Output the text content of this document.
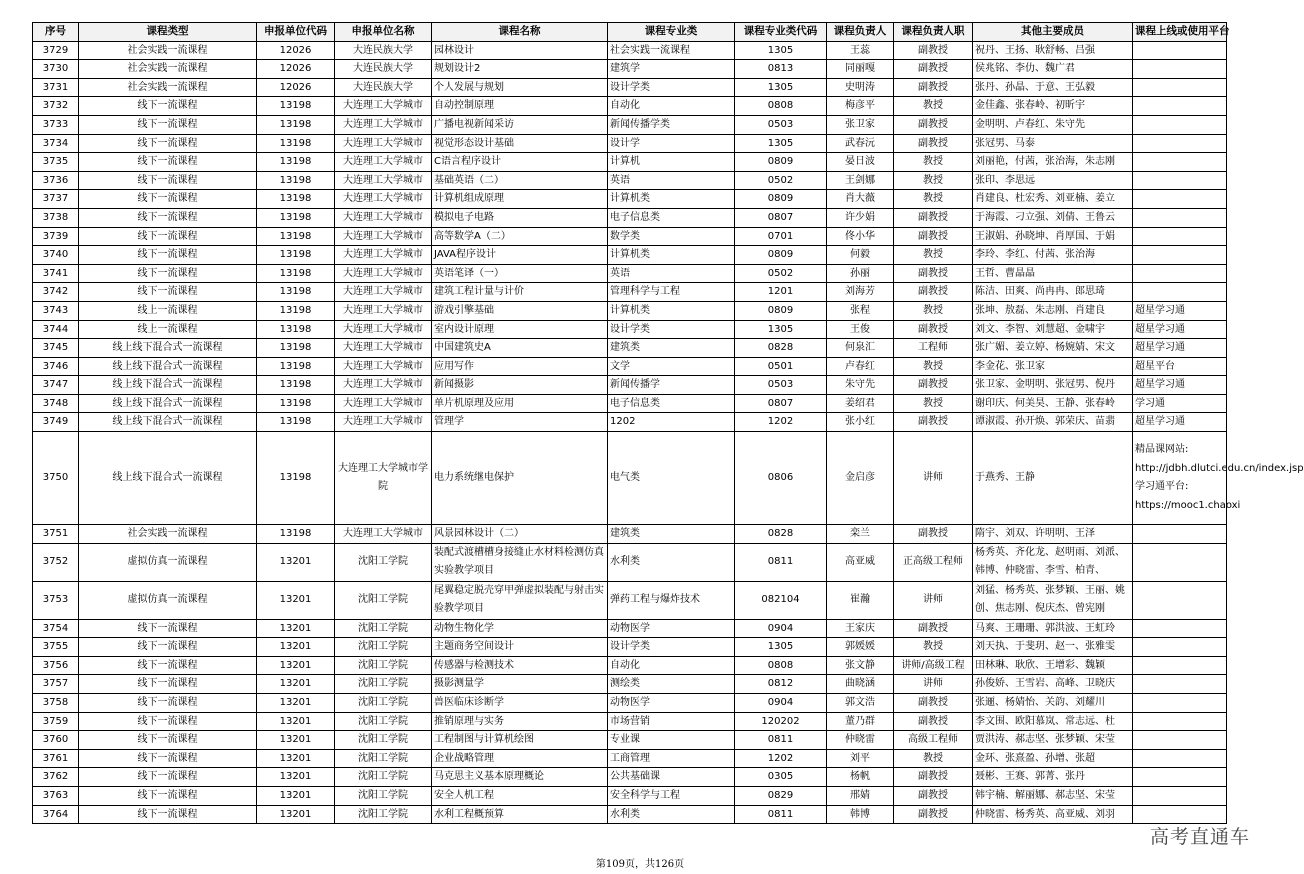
序号	课程类型	申报单位代码	申报单位名称	课程名称	课程专业类	课程专业类代码	课程负责人	课程负责人职	其他主要成员	课程上线或使用平台
3729	社会实践一流课程	12026	大连民族大学	园林设计	社会实践一流课程	1305	王蕊	副教授	祝丹、王扬、耿舒畅、吕强	
3730	社会实践一流课程	12026	大连民族大学	规划设计2	建筑学	0813	同丽嘎	副教授	侯兆铭、李仂、魏广君	
3731	社会实践一流课程	12026	大连民族大学	个人发展与规划	设计学类	1305	史明涛	副教授	张丹、孙晶、于意、王弘毅	
3732	线下一流课程	13198	大连理工大学城市	自动控制原理	自动化	0808	梅彦平	教授	金佳鑫、张春岭、初昕宇	
3733	线下一流课程	13198	大连理工大学城市	广播电视新闻采访	新闻传播学类	0503	张卫家	副教授	金明明、卢春红、朱守先	
3734	线下一流课程	13198	大连理工大学城市	视觉形态设计基础	设计学	1305	武春沅	副教授	张冠男、马泰	
3735	线下一流课程	13198	大连理工大学城市	C语言程序设计	计算机	0809	晏日波	教授	刘丽艳，付茜，张治海，朱志刚	
3736	线下一流课程	13198	大连理工大学城市	基础英语（二）	英语	0502	王剑娜	教授	张印、李思远	
3737	线下一流课程	13198	大连理工大学城市	计算机组成原理	计算机类	0809	肖大薇	教授	肖建良、杜宏秀、刘亚楠、姜立	
3738	线下一流课程	13198	大连理工大学城市	模拟电子电路	电子信息类	0807	许少娟	副教授	于海霞、刁立强、刘倩、王鲁云	
3739	线下一流课程	13198	大连理工大学城市	高等数学A（二）	数学类	0701	佟小华	副教授	王淑娟、孙晓坤、肖厚国、于娟	
3740	线下一流课程	13198	大连理工大学城市	JAVA程序设计	计算机类	0809	何毅	教授	李玲、李红、付茜、张治海	
3741	线下一流课程	13198	大连理工大学城市	英语笔译（一）	英语	0502	孙丽	副教授	王哲、曹晶晶	
3742	线下一流课程	13198	大连理工大学城市	建筑工程计量与计价	管理科学与工程	1201	刘海芳	副教授	陈洁、田爽、尚冉冉、郎思琦	
3743	线上一流课程	13198	大连理工大学城市	游戏引擎基础	计算机类	0809	张程	教授	张坤、敖磊、朱志刚、肖建良	超星学习通
3744	线上一流课程	13198	大连理工大学城市	室内设计原理	设计学类	1305	王俊	副教授	刘文、李智、刘慧超、金啸宇	超星学习通
3745	线上线下混合式一流课程	13198	大连理工大学城市	中国建筑史A	建筑类	0828	何泉汇	工程师	张广媚、姜立婷、杨婉婧、宋文	超星学习通
3746	线上线下混合式一流课程	13198	大连理工大学城市	应用写作	文学	0501	卢春红	教授	李金花、张卫家	超星平台
3747	线上线下混合式一流课程	13198	大连理工大学城市	新闻摄影	新闻传播学	0503	朱守先	副教授	张卫家、金明明、张冠男、倪丹	超星学习通
3748	线上线下混合式一流课程	13198	大连理工大学城市	单片机原理及应用	电子信息类	0807	姜绍君	教授	谢印庆、何美昊、王静、张春岭	学习通
3749	线上线下混合式一流课程	13198	大连理工大学城市	管理学	1202	1202	张小红	副教授	谭淑霞、孙开焕、郭荣庆、苗翡	超星学习通
3750	线上线下混合式一流课程	13198	大连理工大学城市学院	电力系统继电保护	电气类	0806	金启彦	讲师	于燕秀、王静	精品课网站: http://jdbh.dlutci.edu.cn/index.jsp 学习通平台: https://mooc1.chaoxi
3751	社会实践一流课程	13198	大连理工大学城市	风景园林设计（二）	建筑类	0828	栾兰	副教授	隋宇、刘双、许明明、王泽	
3752	虚拟仿真一流课程	13201	沈阳工学院	装配式渡槽槽身接缝止水材料检测仿真实验教学项目	水利类	0811	高亚威	正高级工程师	杨秀英、齐化龙、赵明雨、刘派、韩博、仲晓雷、李雪、柏青、	
3753	虚拟仿真一流课程	13201	沈阳工学院	尾翼稳定脱壳穿甲弹虚拟装配与射击实验教学项目	弹药工程与爆炸技术	082104	崔瀚	讲师	刘猛、杨秀英、张梦颖、王丽、姚创、焦志刚、倪庆杰、曾宪刚	
3754	线下一流课程	13201	沈阳工学院	动物生物化学	动物医学	0904	王家庆	副教授	马爽、王珊珊、郭洪波、王虹玲	
3755	线下一流课程	13201	沈阳工学院	主题商务空间设计	设计学类	1305	郭媛媛	教授	刘天执、于斐玥、赵一、张雅雯	
3756	线下一流课程	13201	沈阳工学院	传感器与检测技术	自动化	0808	张文静	讲师/高级工程	田林琳、耿欣、王增彩、魏颖	
3757	线下一流课程	13201	沈阳工学院	摄影测量学	测绘类	0812	曲晓涵	讲师	孙俊娇、王雪岩、高峰、卫晓庆	
3758	线下一流课程	13201	沈阳工学院	兽医临床诊断学	动物医学	0904	郭文浩	副教授	张逦、杨婧怡、关韵、刘耀川	
3759	线下一流课程	13201	沈阳工学院	推销原理与实务	市场营销	120202	董乃群	副教授	李文围、欧阳慕岚、常志远、杜	
3760	线下一流课程	13201	沈阳工学院	工程制图与计算机绘图	专业课	0811	仲晓雷	高级工程师	贾洪涛、郝志坚、张梦颖、宋莹	
3761	线下一流课程	13201	沈阳工学院	企业战略管理	工商管理	1202	刘平	教授	金环、张熹盈、孙增、张超	
3762	线下一流课程	13201	沈阳工学院	马克思主义基本原理概论	公共基础课	0305	杨帆	副教授	聂彬、王赛、郭菁、张丹	
3763	线下一流课程	13201	沈阳工学院	安全人机工程	安全科学与工程	0829	邢婧	副教授	韩宇楠、解丽娜、郝志坚、宋莹	
3764	线下一流课程	13201	沈阳工学院	水利工程概预算	水利类	0811	韩博	副教授	仲晓雷、杨秀英、高亚威、刘羽	
第109页，共126页
高考直通车
